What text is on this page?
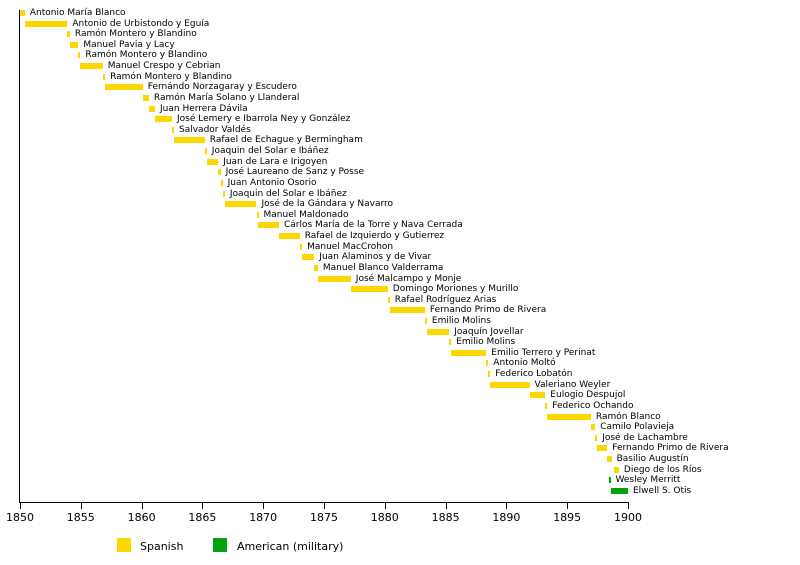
Antonio María Blanco
Antonio de Urbistondo y Eguía
Ramón Montero y Blandino
Manuel Pavia y Lacy
Ramón Montero y Blandino
Manuel Crespo y Cebrian
Ramón Montero y Blandino
Fernándo Norzagaray y Escudero
Ramón María Solano y Llanderal
Juan Herrera Dávila
José Lemery e Ibarrola Ney y González
Salvador Valdés
Rafael de Echague y Bermingham
Joaquin del Solar e Ibáñez
Juan de Lara e Irigoyen
José Laureano de Sanz y Posse
Juan Antonio Osorio
Joaquin del Solar e Ibáñez
José de la Gándara y Navarro
Manuel Maldonado
Cárlos María de la Torre y Nava Cerrada
Rafael de Izquierdo y Gutierrez
Manuel MacCrohon
Juan Alaminos y de Vivar
Manuel Blanco Valderrama
José Malcampo y Monje
Domingo Moriones y Murillo
Rafael Rodríguez Arias
Fernando Primo de Rivera
Emilio Molins
Joaquín Jovellar
Emilio Molins
Emilio Terrero y Perinat
Antonio Moltó
Federico Lobatón
Valeriano Weyler
Eulogio Despujol
Federico Ochando
Ramón Blanco
Camilo Polavieja
José de Lachambre
Fernando Primo de Rivera
Basilio Augustín
Diego de los Ríos
Wesley Merritt
Elwell S. Otis
1850	1855	1860	1865	1870	1875	1880	1885	1890	1895	1900
Spanish	American (military)
